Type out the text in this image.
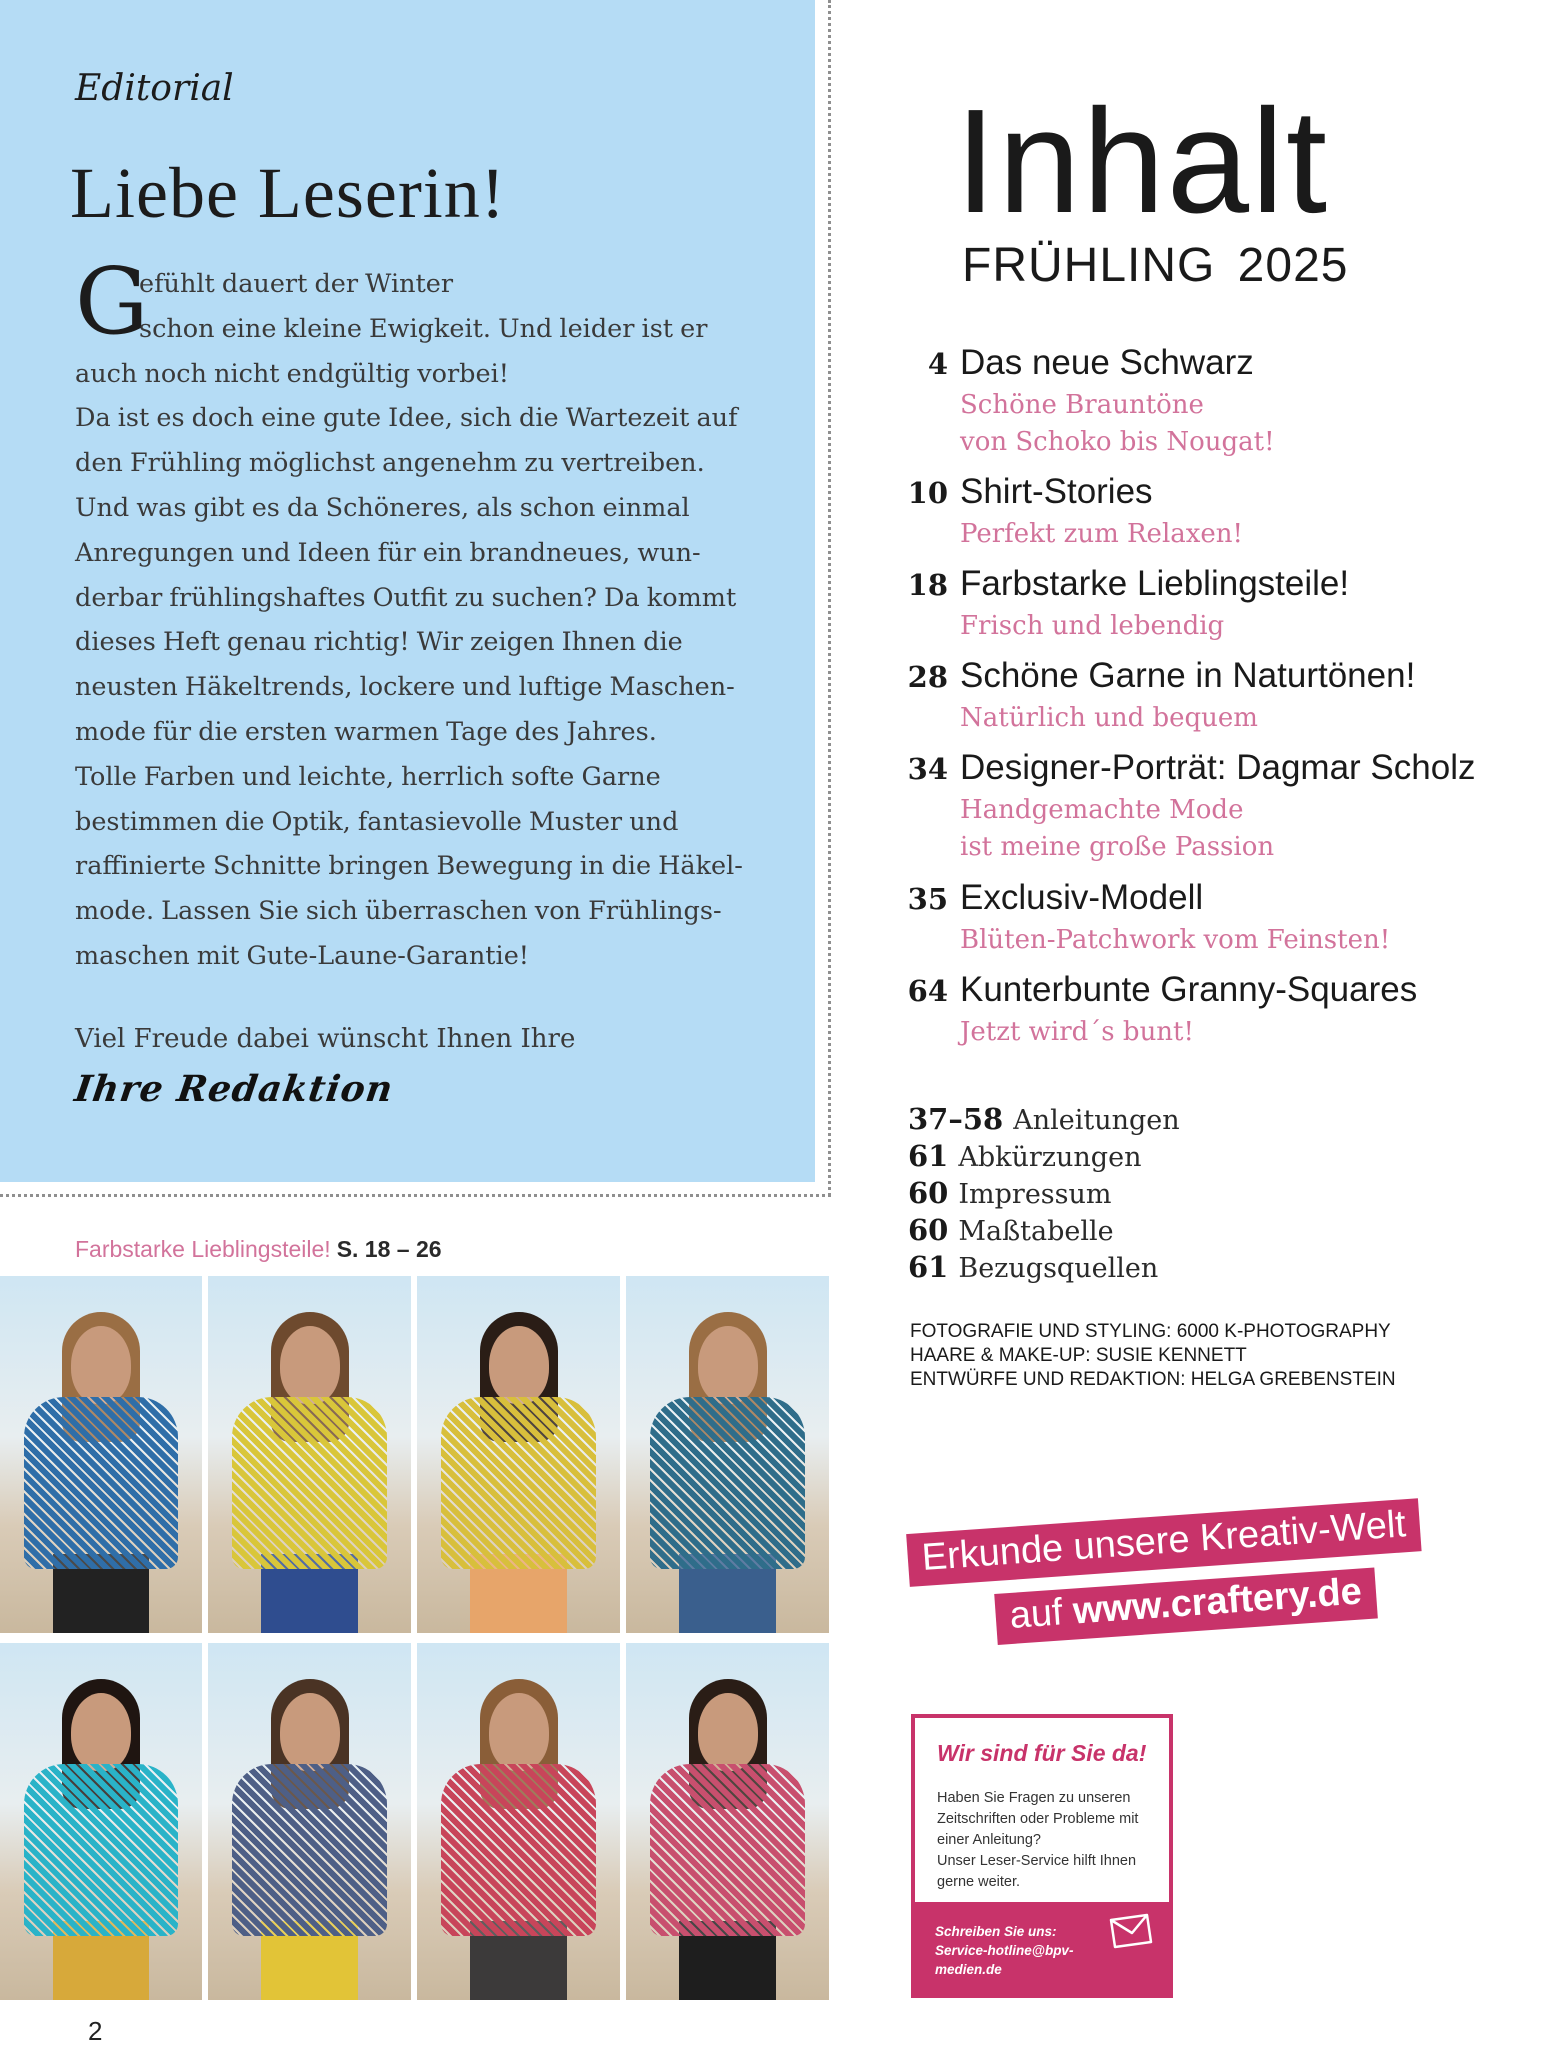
Editorial
Liebe Leserin!
G
efühlt dauert der Winter
schon eine kleine Ewigkeit. Und leider ist er
auch noch nicht endgültig vorbei!
Da ist es doch eine gute Idee, sich die Wartezeit auf
den Frühling möglichst angenehm zu vertreiben.
Und was gibt es da Schöneres, als schon einmal
Anregungen und Ideen für ein brandneues, wun-
derbar frühlingshaftes Outfit zu suchen? Da kommt
dieses Heft genau richtig! Wir zeigen Ihnen die
neusten Häkeltrends, lockere und luftige Maschen-
mode für die ersten warmen Tage des Jahres.
Tolle Farben und leichte, herrlich softe Garne
bestimmen die Optik, fantasievolle Muster und
raffinierte Schnitte bringen Bewegung in die Häkel-
mode. Lassen Sie sich überraschen von Frühlings-
maschen mit Gute-Laune-Garantie!
Viel Freude dabei wünscht Ihnen Ihre
Ihre Redaktion
Farbstarke Lieblingsteile! S. 18 – 26
2
Inhalt
FRÜHLING 2025
4 Das neue Schwarz
Schöne Brauntöne
von Schoko bis Nougat!
10 Shirt-Stories
Perfekt zum Relaxen!
18 Farbstarke Lieblingsteile!
Frisch und lebendig
28 Schöne Garne in Naturtönen!
Natürlich und bequem
34 Designer-Porträt: Dagmar Scholz
Handgemachte Mode
ist meine große Passion
35 Exclusiv-Modell
Blüten-Patchwork vom Feinsten!
64 Kunterbunte Granny-Squares
Jetzt wird´s bunt!
37–58 Anleitungen
61 Abkürzungen
60 Impressum
60 Maßtabelle
61 Bezugsquellen
FOTOGRAFIE UND STYLING: 6000 K-PHOTOGRAPHY
HAARE & MAKE-UP: SUSIE KENNETT
ENTWÜRFE UND REDAKTION: HELGA GREBENSTEIN
Erkunde unsere Kreativ-Welt
auf www.craftery.de
Wir sind für Sie da!
Haben Sie Fragen zu unseren
Zeitschriften oder Probleme mit
einer Anleitung?
Unser Leser-Service hilft Ihnen
gerne weiter.
Schreiben Sie uns:
Service-hotline@bpv-
medien.de
